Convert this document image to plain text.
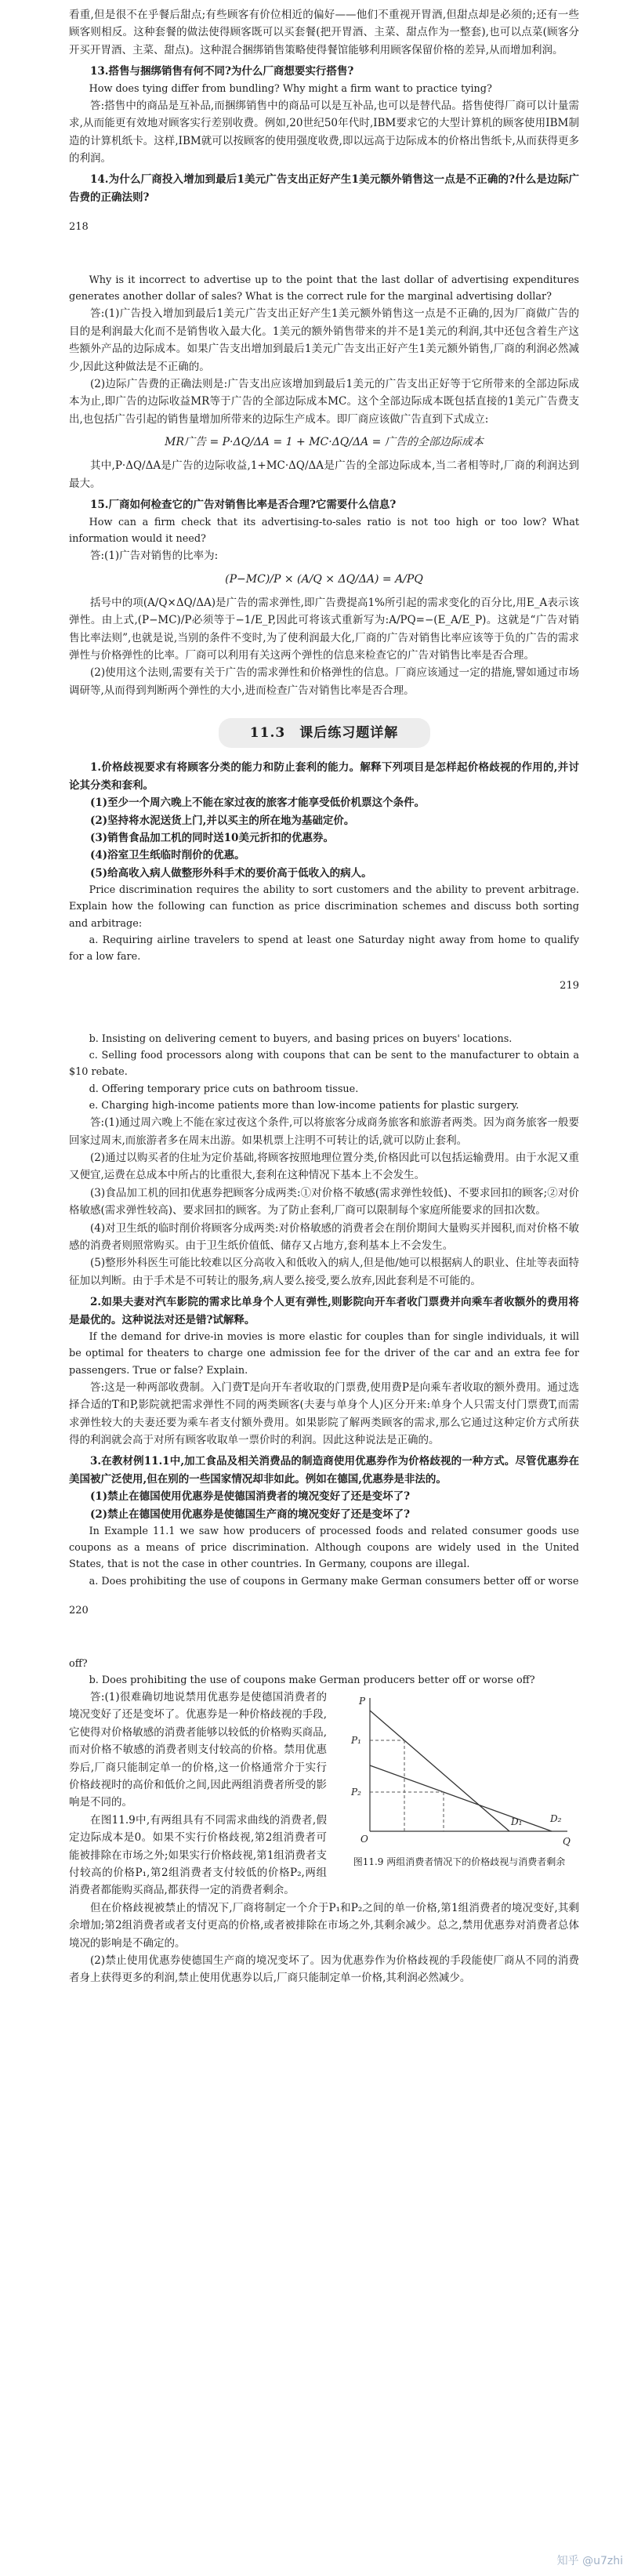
看重,但是很不在乎餐后甜点;有些顾客有价位相近的偏好——他们不重视开胃酒,但甜点却是必须的;还有一些顾客则相反。这种套餐的做法使得顾客既可以买套餐(把开胃酒、主菜、甜点作为一整套),也可以点菜(顾客分开买开胃酒、主菜、甜点)。这种混合捆绑销售策略使得餐馆能够利用顾客保留价格的差异,从而增加利润。

13.搭售与捆绑销售有何不同?为什么厂商想要实行搭售?

How does tying differ from bundling? Why might a firm want to practice tying?

答:搭售中的商品是互补品,而捆绑销售中的商品可以是互补品,也可以是替代品。搭售使得厂商可以计量需求,从而能更有效地对顾客实行差别收费。例如,20世纪50年代时,IBM要求它的大型计算机的顾客使用IBM制造的计算机纸卡。这样,IBM就可以按顾客的使用强度收费,即以远高于边际成本的价格出售纸卡,从而获得更多的利润。

14.为什么厂商投入增加到最后1美元广告支出正好产生1美元额外销售这一点是不正确的?什么是边际广告费的正确法则?

218

Why is it incorrect to advertise up to the point that the last dollar of advertising expenditures generates another dollar of sales? What is the correct rule for the marginal advertising dollar?

答:(1)广告投入增加到最后1美元广告支出正好产生1美元额外销售这一点是不正确的,因为厂商做广告的目的是利润最大化而不是销售收入最大化。1美元的额外销售带来的并不是1美元的利润,其中还包含着生产这些额外产品的边际成本。如果广告支出增加到最后1美元广告支出正好产生1美元额外销售,厂商的利润必然减少,因此这种做法是不正确的。

(2)边际广告费的正确法则是:广告支出应该增加到最后1美元的广告支出正好等于它所带来的全部边际成本为止,即广告的边际收益MR等于广告的全部边际成本MC。这个全部边际成本既包括直接的1美元广告费支出,也包括广告引起的销售量增加所带来的边际生产成本。即厂商应该做广告直到下式成立:

MR广告 = P·ΔQ/ΔA = 1 + MC·ΔQ/ΔA = 广告的全部边际成本

其中,P·ΔQ/ΔA是广告的边际收益,1+MC·ΔQ/ΔA是广告的全部边际成本,当二者相等时,厂商的利润达到最大。

15.厂商如何检查它的广告对销售比率是否合理?它需要什么信息?

How can a firm check that its advertising-to-sales ratio is not too high or too low? What information would it need?

答:(1)广告对销售的比率为:

(P−MC)/P × (A/Q × ΔQ/ΔA) = A/PQ

括号中的项(A/Q×ΔQ/ΔA)是广告的需求弹性,即广告费提高1%所引起的需求变化的百分比,用E_A表示该弹性。由上式,(P−MC)/P必须等于−1/E_P,因此可将该式重新写为:A/PQ=−(E_A/E_P)。这就是“广告对销售比率法则”,也就是说,当别的条件不变时,为了使利润最大化,厂商的广告对销售比率应该等于负的广告的需求弹性与价格弹性的比率。厂商可以利用有关这两个弹性的信息来检查它的广告对销售比率是否合理。

(2)使用这个法则,需要有关于广告的需求弹性和价格弹性的信息。厂商应该通过一定的措施,譬如通过市场调研等,从而得到判断两个弹性的大小,进而检查广告对销售比率是否合理。

11.3　课后练习题详解

1.价格歧视要求有将顾客分类的能力和防止套利的能力。解释下列项目是怎样起价格歧视的作用的,并讨论其分类和套利。

(1)至少一个周六晚上不能在家过夜的旅客才能享受低价机票这个条件。

(2)坚持将水泥送货上门,并以买主的所在地为基础定价。

(3)销售食品加工机的同时送10美元折扣的优惠券。

(4)浴室卫生纸临时削价的优惠。

(5)给高收入病人做整形外科手术的要价高于低收入的病人。

Price discrimination requires the ability to sort customers and the ability to prevent arbitrage. Explain how the following can function as price discrimination schemes and discuss both sorting and arbitrage:

a. Requiring airline travelers to spend at least one Saturday night away from home to qualify for a low fare.

219

b. Insisting on delivering cement to buyers, and basing prices on buyers' locations.

c. Selling food processors along with coupons that can be sent to the manufacturer to obtain a $10 rebate.

d. Offering temporary price cuts on bathroom tissue.

e. Charging high-income patients more than low-income patients for plastic surgery.

答:(1)通过周六晚上不能在家过夜这个条件,可以将旅客分成商务旅客和旅游者两类。因为商务旅客一般要回家过周末,而旅游者多在周末出游。如果机票上注明不可转让的话,就可以防止套利。

(2)通过以购买者的住址为定价基础,将顾客按照地理位置分类,价格因此可以包括运输费用。由于水泥又重又便宜,运费在总成本中所占的比重很大,套利在这种情况下基本上不会发生。

(3)食品加工机的回扣优惠券把顾客分成两类:①对价格不敏感(需求弹性较低)、不要求回扣的顾客;②对价格敏感(需求弹性较高)、要求回扣的顾客。为了防止套利,厂商可以限制每个家庭所能要求的回扣次数。

(4)对卫生纸的临时削价将顾客分成两类:对价格敏感的消费者会在削价期间大量购买并囤积,而对价格不敏感的消费者则照常购买。由于卫生纸价值低、储存又占地方,套利基本上不会发生。

(5)整形外科医生可能比较难以区分高收入和低收入的病人,但是他/她可以根据病人的职业、住址等表面特征加以判断。由于手术是不可转让的服务,病人要么接受,要么放弃,因此套利是不可能的。

2.如果夫妻对汽车影院的需求比单身个人更有弹性,则影院向开车者收门票费并向乘车者收额外的费用将是最优的。这种说法对还是错?试解释。

If the demand for drive-in movies is more elastic for couples than for single individuals, it will be optimal for theaters to charge one admission fee for the driver of the car and an extra fee for passengers. True or false? Explain.

答:这是一种两部收费制。入门费T是向开车者收取的门票费,使用费P是向乘车者收取的额外费用。通过选择合适的T和P,影院就把需求弹性不同的两类顾客(夫妻与单身个人)区分开来:单身个人只需支付门票费T,而需求弹性较大的夫妻还要为乘车者支付额外费用。如果影院了解两类顾客的需求,那么它通过这种定价方式所获得的利润就会高于对所有顾客收取单一票价时的利润。因此这种说法是正确的。

3.在教材例11.1中,加工食品及相关消费品的制造商使用优惠券作为价格歧视的一种方式。尽管优惠券在美国被广泛使用,但在别的一些国家情况却非如此。例如在德国,优惠券是非法的。

(1)禁止在德国使用优惠券是使德国消费者的境况变好了还是变坏了?

(2)禁止在德国使用优惠券是使德国生产商的境况变好了还是变坏了?

In Example 11.1 we saw how producers of processed foods and related consumer goods use coupons as a means of price discrimination. Although coupons are widely used in the United States, that is not the case in other countries. In Germany, coupons are illegal.

a. Does prohibiting the use of coupons in Germany make German consumers better off or worse

220

off?

b. Does prohibiting the use of coupons make German producers better off or worse off?

P
Q
O
P₁
P₂
D₁	D₂
图11.9 两组消费者情况下的价格歧视与消费者剩余

答:(1)很难确切地说禁用优惠券是使德国消费者的境况变好了还是变坏了。优惠券是一种价格歧视的手段,它使得对价格敏感的消费者能够以较低的价格购买商品,而对价格不敏感的消费者则支付较高的价格。禁用优惠券后,厂商只能制定单一的价格,这一价格通常介于实行价格歧视时的高价和低价之间,因此两组消费者所受的影响是不同的。

在图11.9中,有两组具有不同需求曲线的消费者,假定边际成本是0。如果不实行价格歧视,第2组消费者可能被排除在市场之外;如果实行价格歧视,第1组消费者支付较高的价格P₁,第2组消费者支付较低的价格P₂,两组消费者都能购买商品,都获得一定的消费者剩余。

但在价格歧视被禁止的情况下,厂商将制定一个介于P₁和P₂之间的单一价格,第1组消费者的境况变好,其剩余增加;第2组消费者或者支付更高的价格,或者被排除在市场之外,其剩余减少。总之,禁用优惠券对消费者总体境况的影响是不确定的。

(2)禁止使用优惠券使德国生产商的境况变坏了。因为优惠券作为价格歧视的手段能使厂商从不同的消费者身上获得更多的利润,禁止使用优惠券以后,厂商只能制定单一价格,其利润必然减少。

知乎 @u7zhi
